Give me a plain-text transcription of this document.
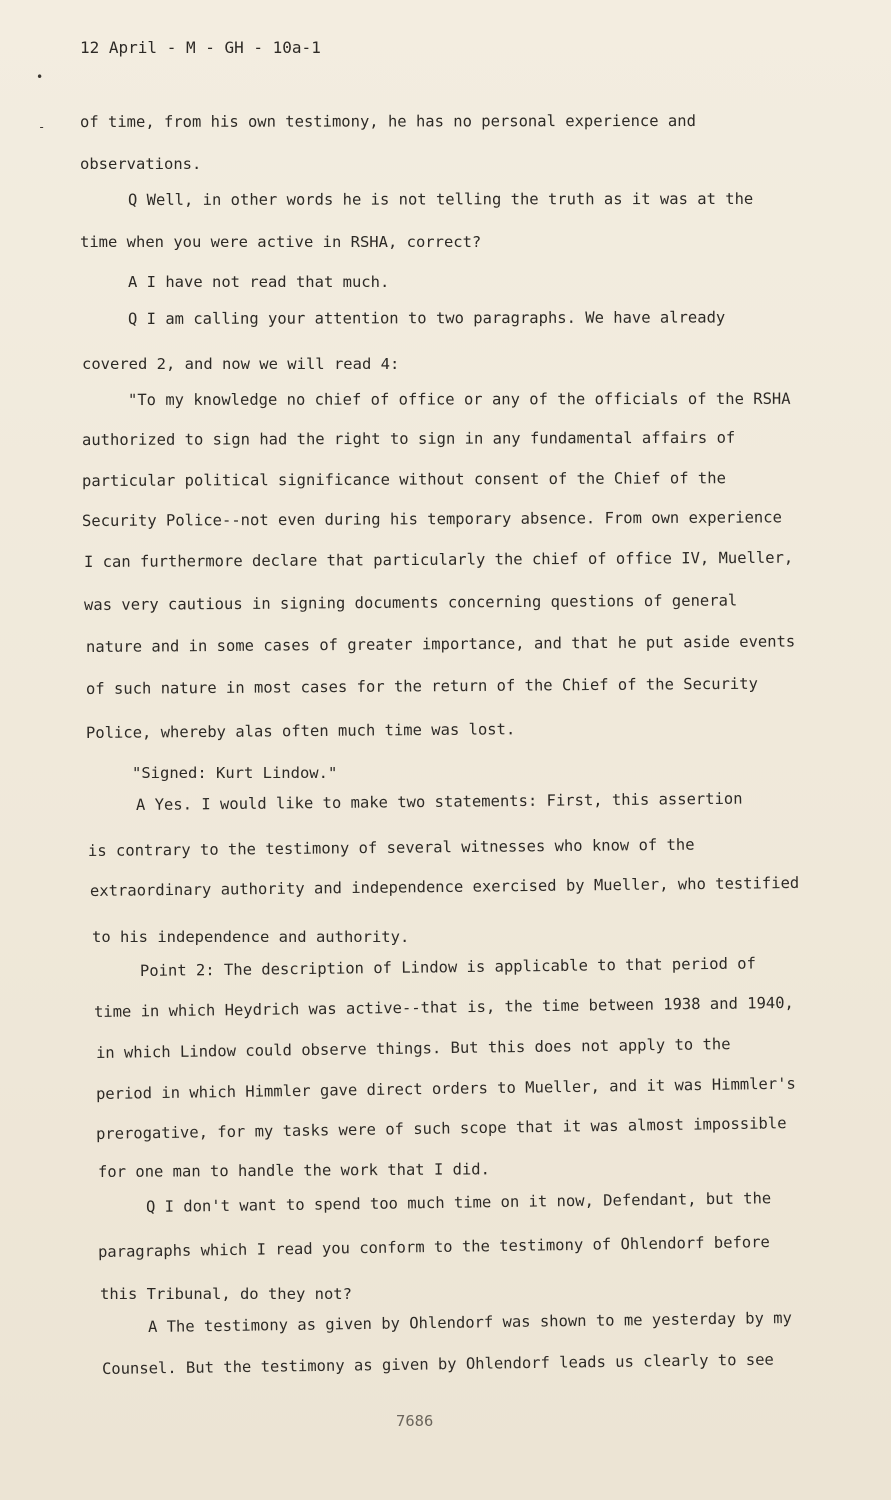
12 April - M - GH - 10a-1
•
- of time, from his own testimony, he has no personal experience and
observations.
Q Well, in other words he is not telling the truth as it was at the
time when you were active in RSHA, correct?
A I have not read that much.
Q I am calling your attention to two paragraphs. We have already
covered 2, and now we will read 4:
"To my knowledge no chief of office or any of the officials of the RSHA
authorized to sign had the right to sign in any fundamental affairs of
particular political significance without consent of the Chief of the
Security Police--not even during his temporary absence. From own experience
I can furthermore declare that particularly the chief of office IV, Mueller,
was very cautious in signing documents concerning questions of general
nature and in some cases of greater importance, and that he put aside events
of such nature in most cases for the return of the Chief of the Security
Police, whereby alas often much time was lost.
"Signed: Kurt Lindow."
A Yes. I would like to make two statements: First, this assertion
is contrary to the testimony of several witnesses who know of the
extraordinary authority and independence exercised by Mueller, who testified
to his independence and authority.
Point 2: The description of Lindow is applicable to that period of
time in which Heydrich was active--that is, the time between 1938 and 1940,
in which Lindow could observe things. But this does not apply to the
period in which Himmler gave direct orders to Mueller, and it was Himmler's
prerogative, for my tasks were of such scope that it was almost impossible
for one man to handle the work that I did.
Q I don't want to spend too much time on it now, Defendant, but the
paragraphs which I read you conform to the testimony of Ohlendorf before
this Tribunal, do they not?
A The testimony as given by Ohlendorf was shown to me yesterday by my
Counsel. But the testimony as given by Ohlendorf leads us clearly to see
7686
